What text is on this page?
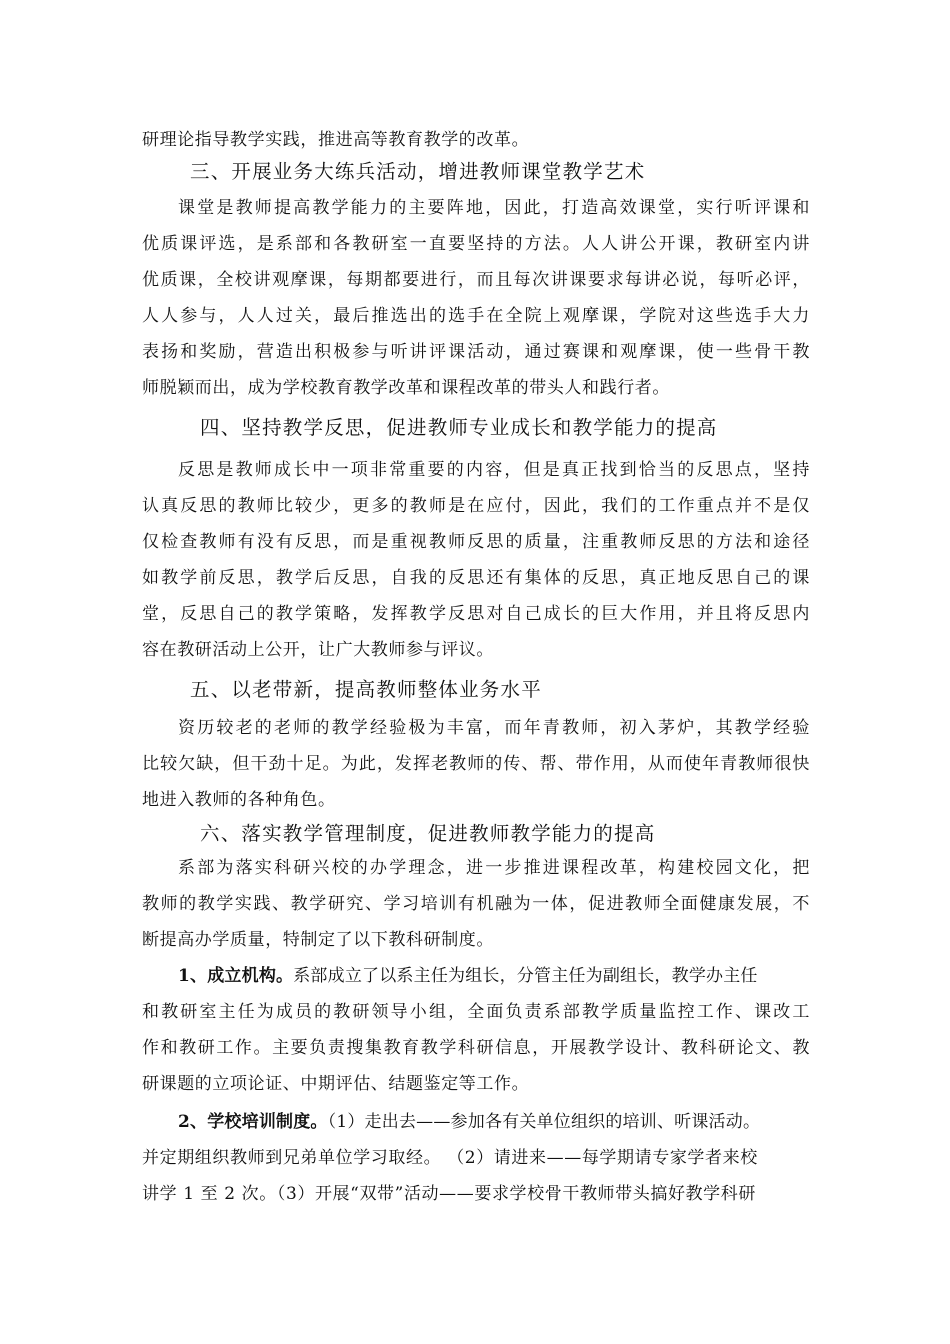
研理论指导教学实践，推进高等教育教学的改革。
三、开展业务大练兵活动，增进教师课堂教学艺术
课堂是教师提高教学能力的主要阵地，因此，打造高效课堂，实行听评课和
优质课评选，是系部和各教研室一直要坚持的方法。人人讲公开课，教研室内讲
优质课，全校讲观摩课，每期都要进行，而且每次讲课要求每讲必说，每听必评，
人人参与，人人过关，最后推选出的选手在全院上观摩课，学院对这些选手大力
表扬和奖励，营造出积极参与听讲评课活动，通过赛课和观摩课，使一些骨干教
师脱颖而出，成为学校教育教学改革和课程改革的带头人和践行者。
四、坚持教学反思，促进教师专业成长和教学能力的提高
反思是教师成长中一项非常重要的内容，但是真正找到恰当的反思点，坚持
认真反思的教师比较少，更多的教师是在应付，因此，我们的工作重点并不是仅
仅检查教师有没有反思，而是重视教师反思的质量，注重教师反思的方法和途径
如教学前反思，教学后反思，自我的反思还有集体的反思，真正地反思自己的课
堂，反思自己的教学策略，发挥教学反思对自己成长的巨大作用，并且将反思内
容在教研活动上公开，让广大教师参与评议。
五、以老带新，提高教师整体业务水平
资历较老的老师的教学经验极为丰富，而年青教师，初入茅炉，其教学经验
比较欠缺，但干劲十足。为此，发挥老教师的传、帮、带作用，从而使年青教师很快
地进入教师的各种角色。
六、落实教学管理制度，促进教师教学能力的提高
系部为落实科研兴校的办学理念，进一步推进课程改革，构建校园文化，把
教师的教学实践、教学研究、学习培训有机融为一体，促进教师全面健康发展，不
断提高办学质量，特制定了以下教科研制度。
1、成立机构。系部成立了以系主任为组长，分管主任为副组长，教学办主任
和教研室主任为成员的教研领导小组，全面负责系部教学质量监控工作、课改工
作和教研工作。主要负责搜集教育教学科研信息，开展教学设计、教科研论文、教
研课题的立项论证、中期评估、结题鉴定等工作。
2、学校培训制度。（1）走出去——参加各有关单位组织的培训、听课活动。
并定期组织教师到兄弟单位学习取经。 （2）请进来——每学期请专家学者来校
讲学 1 至 2 次。（3）开展“双带”活动——要求学校骨干教师带头搞好教学科研
